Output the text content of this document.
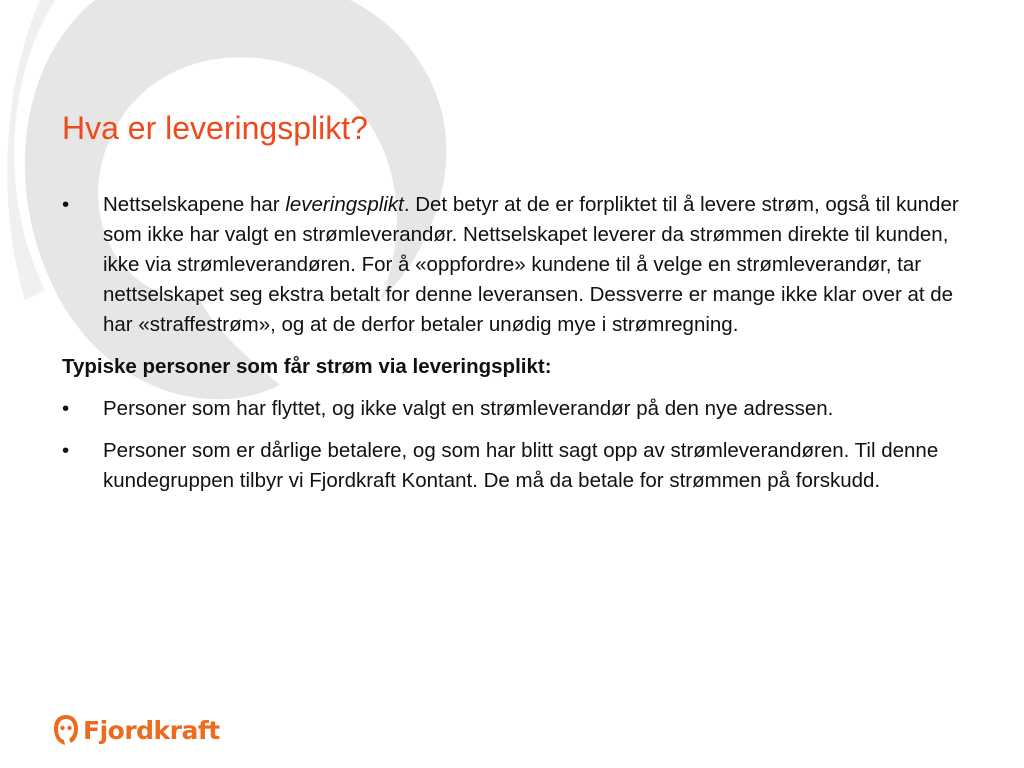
Hva er leveringsplikt?

•	Nettselskapene har leveringsplikt. Det betyr at de er forpliktet til å levere strøm, også til kunder som ikke har valgt en strømleverandør. Nettselskapet leverer da strømmen direkte til kunden, ikke via strømleverandøren. For å «oppfordre» kundene til å velge en strømleverandør, tar nettselskapet seg ekstra betalt for denne leveransen. Dessverre er mange ikke klar over at de har «straffestrøm», og at de derfor betaler unødig mye i strømregning.

Typiske personer som får strøm via leveringsplikt:

•	Personer som har flyttet, og ikke valgt en strømleverandør på den nye adressen.

•	Personer som er dårlige betalere, og som har blitt sagt opp av strømleverandøren. Til denne kundegruppen tilbyr vi Fjordkraft Kontant. De må da betale for strømmen på forskudd.

Fjordkraft
